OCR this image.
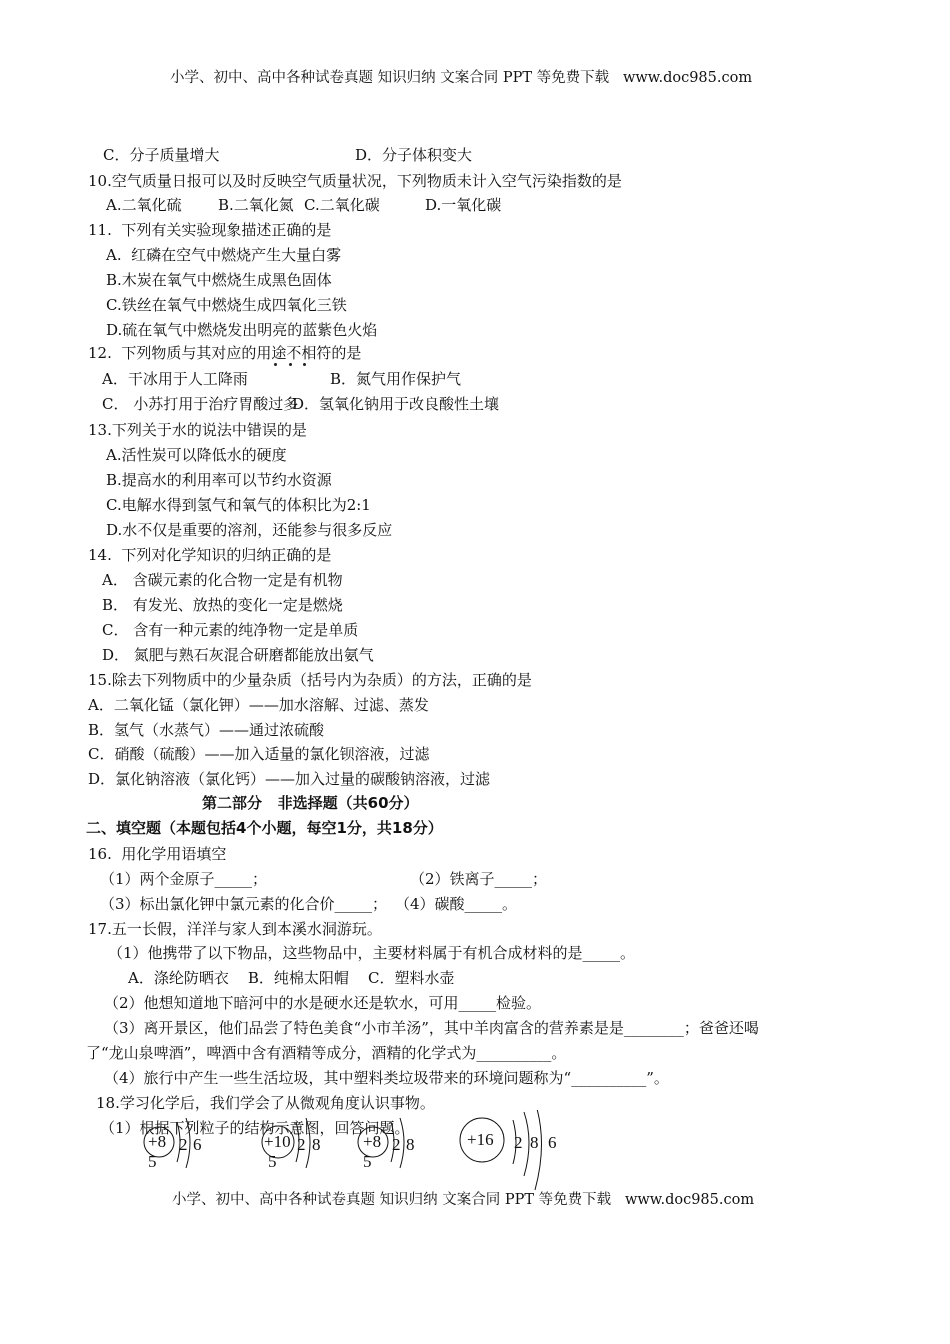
小学、初中、高中各种试卷真题 知识归纳 文案合同 PPT 等免费下载   www.doc985.com
C．分子质量增大	D．分子体积变大
10.空气质量日报可以及时反映空气质量状况，下列物质未计入空气污染指数的是
A.二氧化硫 B.二氧化氮 C.二氧化碳	D.一氧化碳
11.  下列有关实验现象描述正确的是
A.  红磷在空气中燃烧产生大量白雾
B.木炭在氧气中燃烧生成黑色固体
C.铁丝在氧气中燃烧生成四氧化三铁
D.硫在氧气中燃烧发出明亮的蓝紫色火焰
12.  下列物质与其对应的用途不相符的是
A．干冰用于人工降雨	B．氮气用作保护气
C． 小苏打用于治疗胃酸过多
D．氢氧化钠用于改良酸性土壤
13.下列关于水的说法中错误的是
A.活性炭可以降低水的硬度
B.提高水的利用率可以节约水资源
C.电解水得到氢气和氧气的体积比为2:1
D.水不仅是重要的溶剂，还能参与很多反应
14.  下列对化学知识的归纳正确的是
A． 含碳元素的化合物一定是有机物
B． 有发光、放热的变化一定是燃烧
C． 含有一种元素的纯净物一定是单质
D． 氮肥与熟石灰混合研磨都能放出氨气
15.除去下列物质中的少量杂质（括号内为杂质）的方法，正确的是
A．二氧化锰（氯化钾）——加水溶解、过滤、蒸发
B．氢气（水蒸气）——通过浓硫酸
C．硝酸（硫酸）——加入适量的氯化钡溶液，过滤
D．氯化钠溶液（氯化钙）——加入过量的碳酸钠溶液，过滤
第二部分   非选择题（共60分）
二、填空题（本题包括4个小题，每空1分，共18分）
16.  用化学用语填空
（1）两个金原子_____；	（2）铁离子_____；
（3）标出氯化钾中氯元素的化合价_____； （4）碳酸_____。
17.五一长假，洋洋与家人到本溪水洞游玩。
（1）他携带了以下物品，这些物品中，主要材料属于有机合成材料的是_____。
A．涤纶防晒衣    B．纯棉太阳帽    C．塑料水壶
（2）他想知道地下暗河中的水是硬水还是软水，可用_____检验。
（3）离开景区，他们品尝了特色美食“小市羊汤”，其中羊肉富含的营养素是是________；爸爸还喝
了“龙山泉啤酒”，啤酒中含有酒精等成分，酒精的化学式为__________。
（4）旅行中产生一些生活垃圾，其中塑料类垃圾带来的环境问题称为“__________”。
18.学习化学后，我们学会了从微观角度认识事物。
（1）根据下列粒子的结构示意图，回答问题。
+8 2 6
5
+10 2 8
5
+8 2 8
5
+16 2 8 6
小学、初中、高中各种试卷真题 知识归纳 文案合同 PPT 等免费下载   www.doc985.com
